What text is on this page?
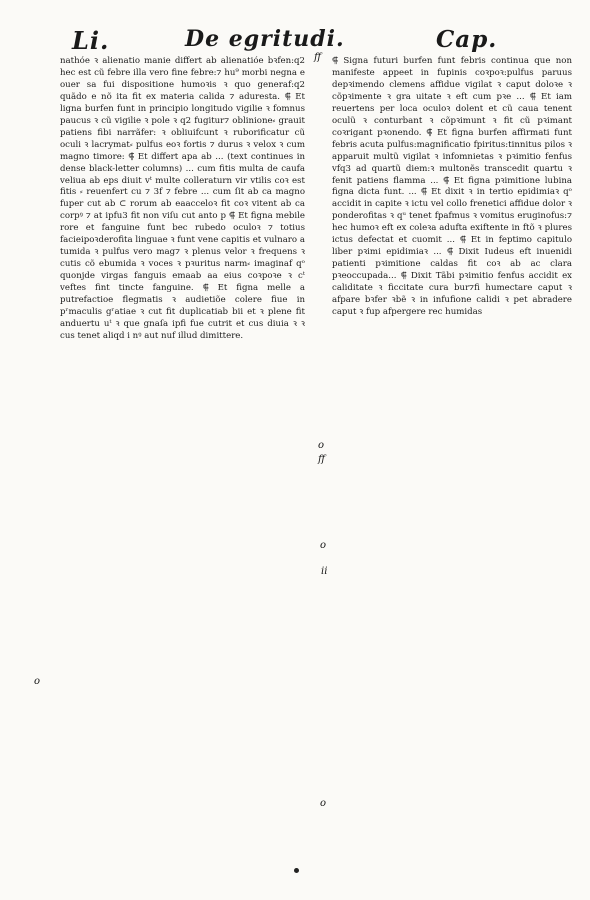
Li.	De egritudi.	Cap.

nathóe ꝛ alienatio manie differt ab alienatióe bꝛfen:q2 hec est cũ febre illa vero fine febre:⁊ hu⁹ morbi negna e ouer sa fui dispositione humoꝛis ꝛ quo generaf:q2 quãdo e nõ ita fit ex materia calida ⁊ aduresta. ⸿ Et ligna burfen funt in principio longitudo vigilie ꝛ fomnus paucus ꝛ cũ vigilie ꝛ pole ꝛ q2 fugitur⁊ oblinione⸗ grauit patiens fibi narrãfer: ꝛ obliuifcunt ꝛ ruborificatur cũ oculi ꝛ lacrymat⸗ pulfus eoꝛ fortis ⁊ durus ꝛ velox ꝛ cum magno timore: ⸿ Et differt apa ab ... (text continues in dense black-letter columns) ... cum fitis multa de caufa veliua ab eps diuit vᵗ multe colleraturn vir vtilis coꝛ est fitis ⸗ reuenfert cu ⁊ 3f ⁊ febre ... cum ſit ab ca magno fuper cut ab ⊂ rorum ab eaacceloꝛ fit coꝛ vitent ab ca corpꝰ ⁊ at ipfu3 fit non viſu cut anto p ⸿ Et figna mebile rore et fanguine funt bec rubedo oculoꝛ ⁊ totius facieipoꝛderofita linguae ꝛ funt vene capitis et vulnaro a tumida ꝛ pulfus vero mag⁊ ꝛ plenus velor ꝛ frequens ꝛ cutis cõ ebumida ꝛ voces ꝛ pꝛuritus narm⸗ imaginaf qᵒ quonjde virgas fanguis emaab aa eius coꝛpoꝛe ꝛ cᵗ veftes fint tincte fanguine. ⸿ Et figna melle a putrefactioe flegmatis ꝛ audietiõe colere fiue in pʳmaculis gʳatiae ꝛ cut fit duplicatiab bii et ꝛ plene fit anduertu uᵗ ꝛ que gnaſa ipfi fue cutrit et cus diuia ꝛ ꝛ cus tenet aliqd i nꝰ aut nuf illud dimittere.

⸿ Signa futuri burfen funt febris continua que non manifeste appeet in fupinis coꝛpoꝛ:pulfus paruus depꝛimendo clemens affidue vigilat ꝛ caput doloꝛe ꝛ cõpꝛimente ꝛ gra uitate ꝛ eft cum pꝛe ... ⸿ Et iam reuertens per loca oculoꝛ dolent et cũ caua tenent oculũ ꝛ conturbant ꝛ cõpꝛimunt ꝛ fit cũ pꝛimant coꝛrigant pꝛonendo. ⸿ Et figna burfen affirmati funt febris acuta pulfus:magnificatio fpiritus:tinnitus pilos ꝛ apparuit multũ vigilat ꝛ infomnietas ꝛ pꝛimitio fenfus vfq3 ad quartũ diem:ꝛ multonẽs transcedit quartu ꝛ fenit patiens flamma ... ⸿ Et figna pꝛimitione lubina figna dicta funt. ... ⸿ Et dixit ꝛ in tertio epidimiaꝛ qᵒ accidit in capite ꝛ ictu vel collo frenetici affidue dolor ꝛ ponderofitas ꝛ qᵘ tenet fpafmus ꝛ vomitus eruginofus:⁊ hec humoꝛ eft ex coleꝛa adufta exiftente in ftõ ꝛ plures ictus defectat et cuomit ... ⸿ Et in feptimo capitulo liber pꝛimi epidimiaꝛ ... ⸿ Dixit Iudeus eft inuenidi patienti pꝛimitione caldas fit coꝛ ab ac clara pꝛeoccupada... ⸿ Dixit Tãbi pꝛimitio fenfus accidit ex caliditate ꝛ ficcitate cura bur⁊fi humectare caput ꝛ afpare bꝛfer ꝛbẽ ꝛ in infufione calidi ꝛ pet abradere caput ꝛ fup afpergere rec humidas

ff
o
ff
o
ii
o
o
